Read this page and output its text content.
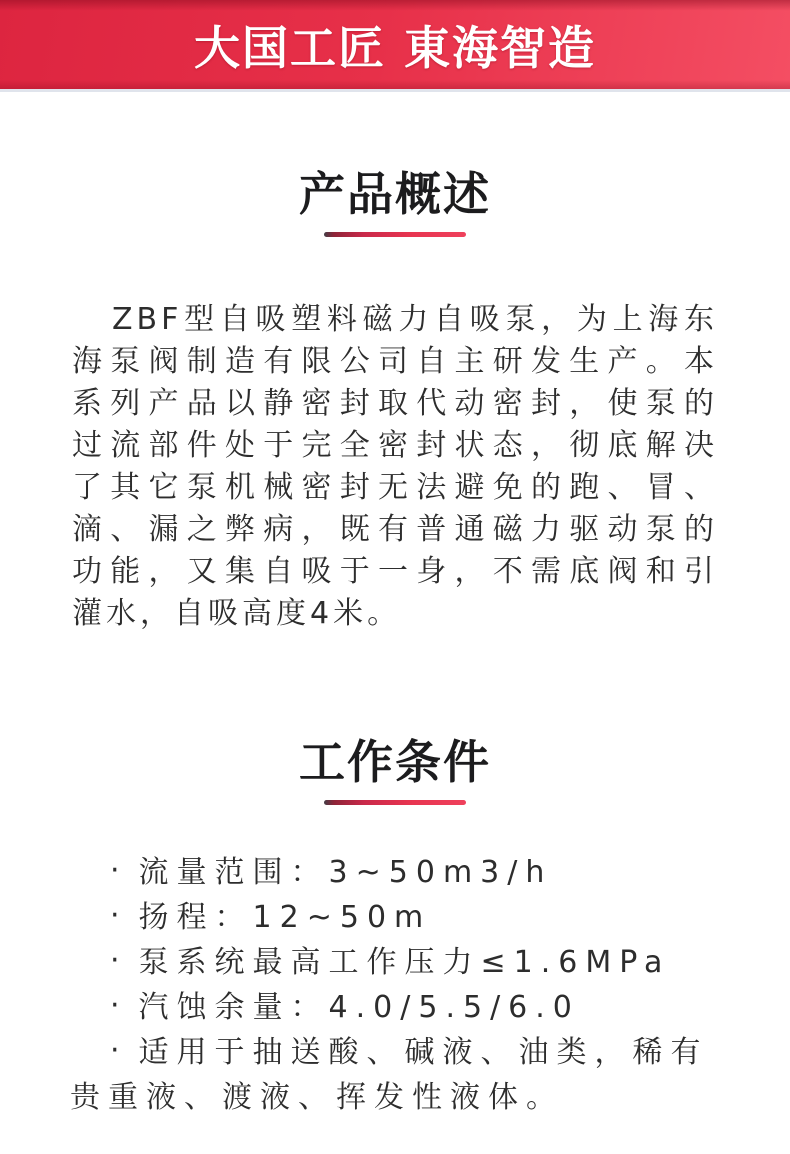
大国工匠 東海智造
产品概述
ZBF型自吸塑料磁力自吸泵，为上海东
海泵阀制造有限公司自主研发生产。本
系列产品以静密封取代动密封，使泵的
过流部件处于完全密封状态，彻底解决
了其它泵机械密封无法避免的跑、冒、
滴、漏之弊病，既有普通磁力驱动泵的
功能，又集自吸于一身，不需底阀和引
灌水，自吸高度4米。
工作条件
· 流量范围：3~50m3/h
· 扬程：12~50m
· 泵系统最高工作压力≤1.6MPa
· 汽蚀余量：4.0/5.5/6.0
· 适用于抽送酸、碱液、油类，稀有贵重液、渡液、挥发性液体。
